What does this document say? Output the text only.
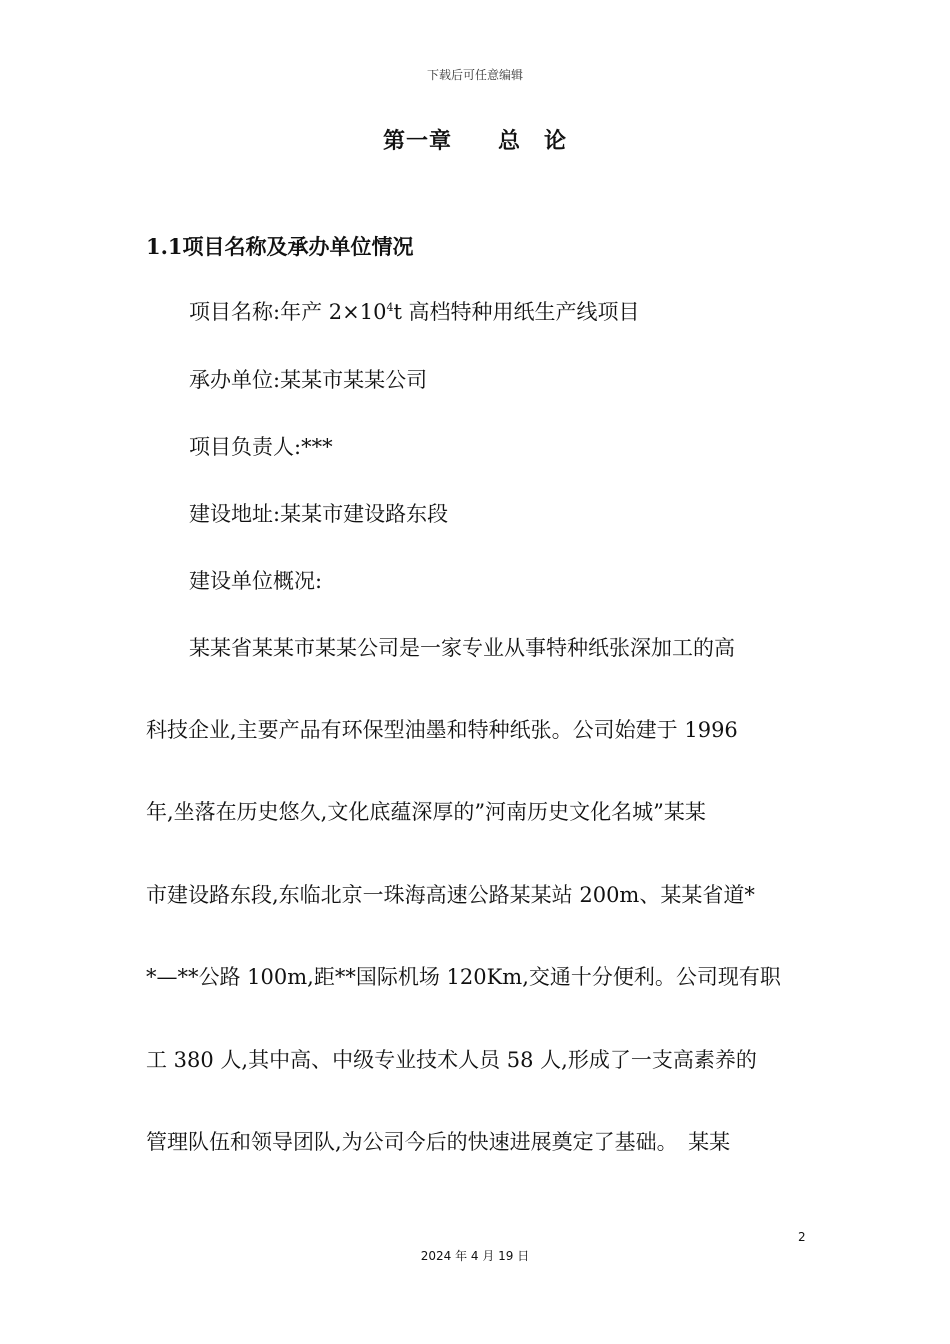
下载后可任意编辑
第一章　　总　论
1.1项目名称及承办单位情况
项目名称:年产 $2\times 10^4t$ 高档特种用纸生产线项目
承办单位:某某市某某公司
项目负责人:***
建设地址:某某市建设路东段
建设单位概况:
某某省某某市某某公司是一家专业从事特种纸张深加工的高
科技企业,主要产品有环保型油墨和特种纸张。公司始建于 1996
年,坐落在历史悠久,文化底蕴深厚的”河南历史文化名城”某某
市建设路东段,东临北京一珠海高速公路某某站 200m、某某省道*
*—**公路 100m,距**国际机场 120Km,交通十分便利。公司现有职
工 380 人,其中高、中级专业技术人员 58 人,形成了一支高素养的
管理队伍和领导团队,为公司今后的快速进展奠定了基础。　某某
2
2024 年 4 月 19 日
